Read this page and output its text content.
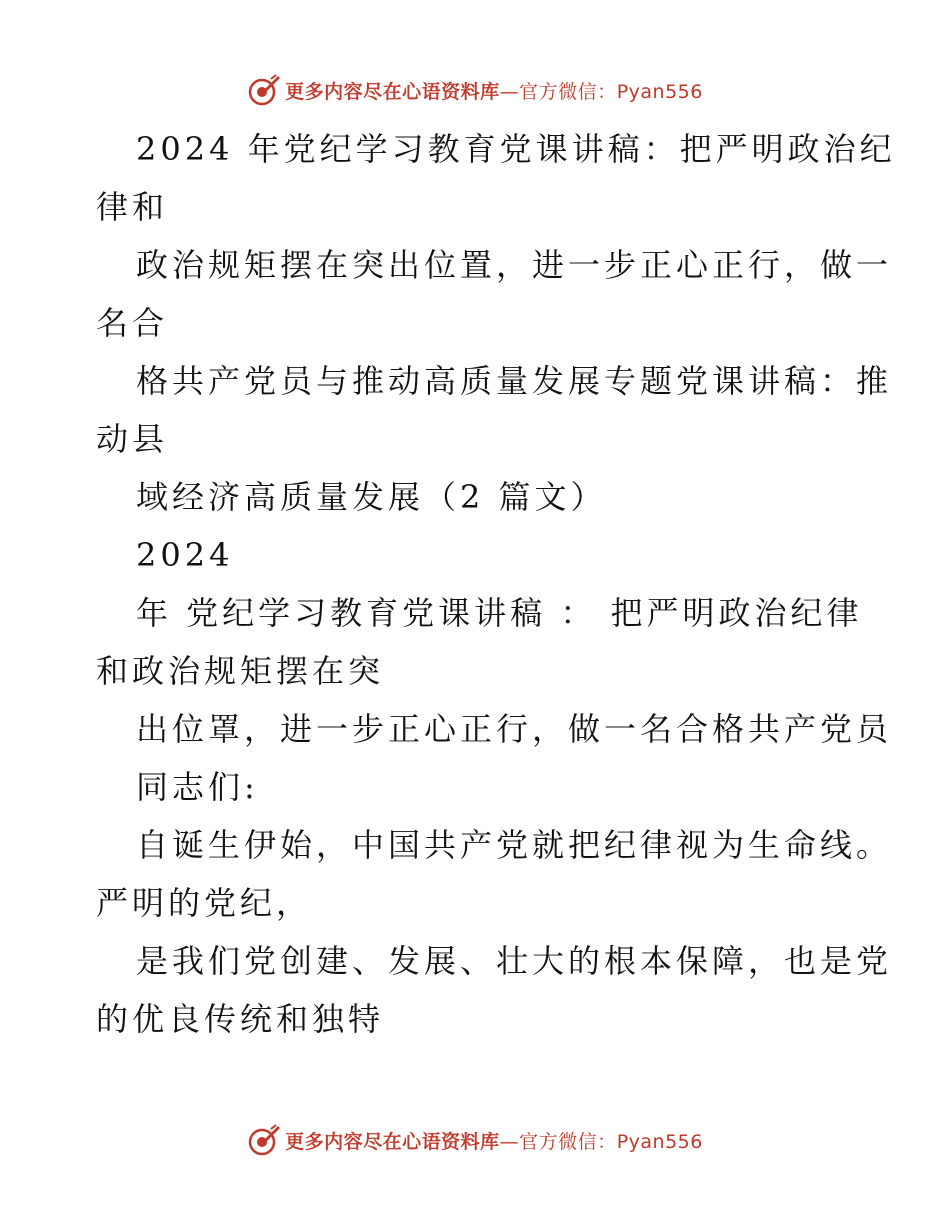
更多内容尽在心语资料库—官方微信：Pyan556
2024 年党纪学习教育党课讲稿：把严明政治纪
律和
政治规矩摆在突出位置，进一步正心正行，做一
名合
格共产党员与推动高质量发展专题党课讲稿：推
动县
域经济高质量发展（2 篇文）
2024
年 党纪学习教育党课讲稿 ： 把严明政治纪律
和政治规矩摆在突
出位罩，进一步正心正行，做一名合格共产党员
同志们:
自诞生伊始，中国共产党就把纪律视为生命线。
严明的党纪，
是我们党创建、发展、壮大的根本保障，也是党
的优良传统和独特
更多内容尽在心语资料库—官方微信：Pyan556
